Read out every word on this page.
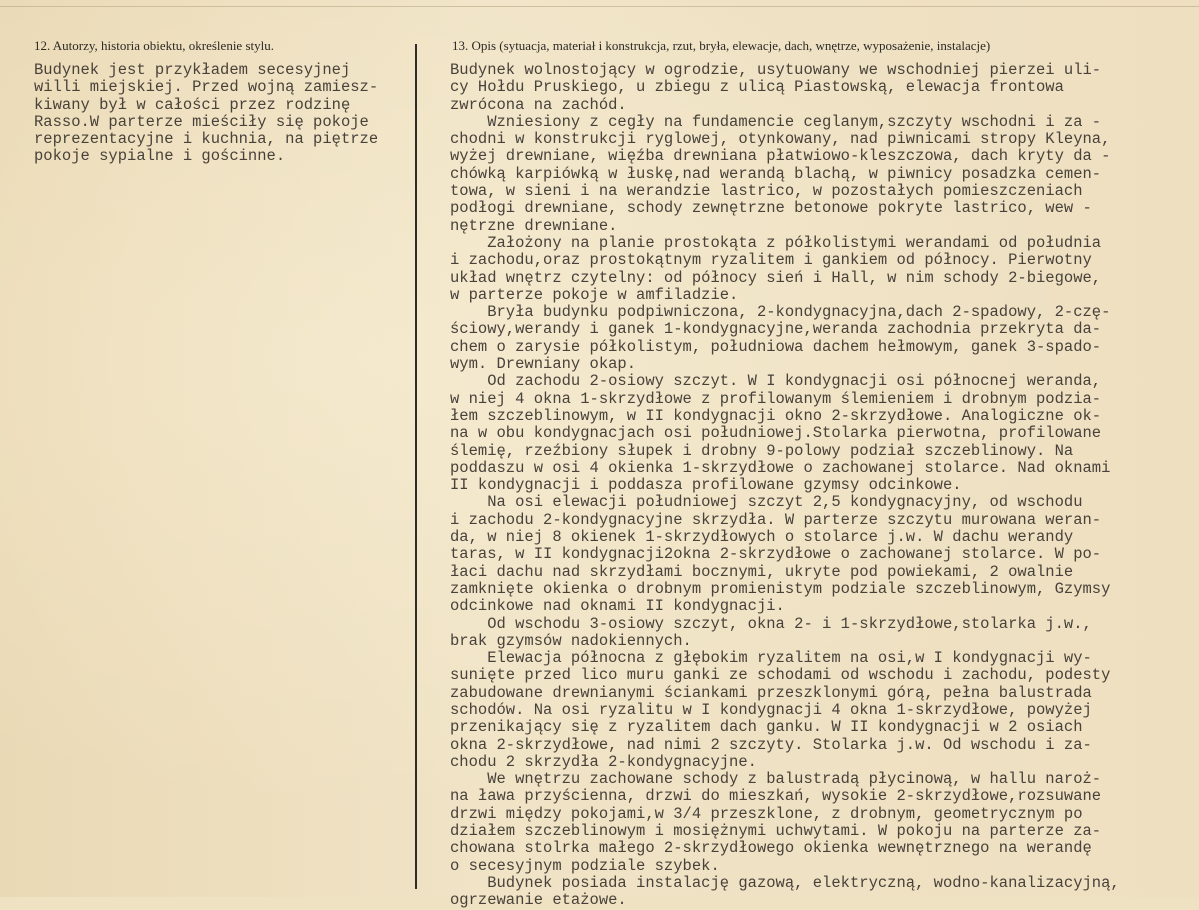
12. Autorzy, historia obiektu, określenie stylu.	13. Opis (sytuacja, materiał i konstrukcja, rzut, bryła, elewacje, dach, wnętrze, wyposażenie, instalacje)
Budynek jest przykładem secesyjnej
willi miejskiej. Przed wojną zamiesz-
kiwany był w całości przez rodzinę
Rasso.W parterze mieściły się pokoje
reprezentacyjne i kuchnia, na piętrze
pokoje sypialne i gościnne.
Budynek wolnostojący w ogrodzie, usytuowany we wschodniej pierzei uli-
cy Hołdu Pruskiego, u zbiegu z ulicą Piastowską, elewacja frontowa
zwrócona na zachód.
Wzniesiony z cegły na fundamencie ceglanym,szczyty wschodni i za -
chodni w konstrukcji ryglowej, otynkowany, nad piwnicami stropy Kleyna,
wyżej drewniane, więźba drewniana płatwiowo-kleszczowa, dach kryty da -
chówką karpiówką w łuskę,nad werandą blachą, w piwnicy posadzka cemen-
towa, w sieni i na werandzie lastrico, w pozostałych pomieszczeniach
podłogi drewniane, schody zewnętrzne betonowe pokryte lastrico, wew -
nętrzne drewniane.
Założony na planie prostokąta z półkolistymi werandami od południa
i zachodu,oraz prostokątnym ryzalitem i gankiem od północy. Pierwotny
układ wnętrz czytelny: od północy sień i Hall, w nim schody 2-biegowe,
w parterze pokoje w amfiladzie.
Bryła budynku podpiwniczona, 2-kondygnacyjna,dach 2-spadowy, 2-czę-
ściowy,werandy i ganek 1-kondygnacyjne,weranda zachodnia przekryta da-
chem o zarysie półkolistym, południowa dachem hełmowym, ganek 3-spado-
wym. Drewniany okap.
Od zachodu 2-osiowy szczyt. W I kondygnacji osi północnej weranda,
w niej 4 okna 1-skrzydłowe z profilowanym ślemieniem i drobnym podzia-
łem szczeblinowym, w II kondygnacji okno 2-skrzydłowe. Analogiczne ok-
na w obu kondygnacjach osi południowej.Stolarka pierwotna, profilowane
ślemię, rzeźbiony słupek i drobny 9-polowy podział szczeblinowy. Na
poddaszu w osi 4 okienka 1-skrzydłowe o zachowanej stolarce. Nad oknami
II kondygnacji i poddasza profilowane gzymsy odcinkowe.
Na osi elewacji południowej szczyt 2,5 kondygnacyjny, od wschodu
i zachodu 2-kondygnacyjne skrzydła. W parterze szczytu murowana weran-
da, w niej 8 okienek 1-skrzydłowych o stolarce j.w. W dachu werandy
taras, w II kondygnacji2okna 2-skrzydłowe o zachowanej stolarce. W po-
łaci dachu nad skrzydłami bocznymi, ukryte pod powiekami, 2 owalnie
zamknięte okienka o drobnym promienistym podziale szczeblinowym, Gzymsy
odcinkowe nad oknami II kondygnacji.
Od wschodu 3-osiowy szczyt, okna 2- i 1-skrzydłowe,stolarka j.w.,
brak gzymsów nadokiennych.
Elewacja północna z głębokim ryzalitem na osi,w I kondygnacji wy-
sunięte przed lico muru ganki ze schodami od wschodu i zachodu, podesty
zabudowane drewnianymi ściankami przeszklonymi górą, pełna balustrada
schodów. Na osi ryzalitu w I kondygnacji 4 okna 1-skrzydłowe, powyżej
przenikający się z ryzalitem dach ganku. W II kondygnacji w 2 osiach
okna 2-skrzydłowe, nad nimi 2 szczyty. Stolarka j.w. Od wschodu i za-
chodu 2 skrzydła 2-kondygnacyjne.
We wnętrzu zachowane schody z balustradą płycinową, w hallu naroż-
na ława przyścienna, drzwi do mieszkań, wysokie 2-skrzydłowe,rozsuwane
drzwi między pokojami,w 3/4 przeszklone, z drobnym, geometrycznym po
działem szczeblinowym i mosiężnymi uchwytami. W pokoju na parterze za-
chowana stolrka małego 2-skrzydłowego okienka wewnętrznego na werandę
o secesyjnym podziale szybek.
Budynek posiada instalację gazową, elektryczną, wodno-kanalizacyjną,
ogrzewanie etażowe.
